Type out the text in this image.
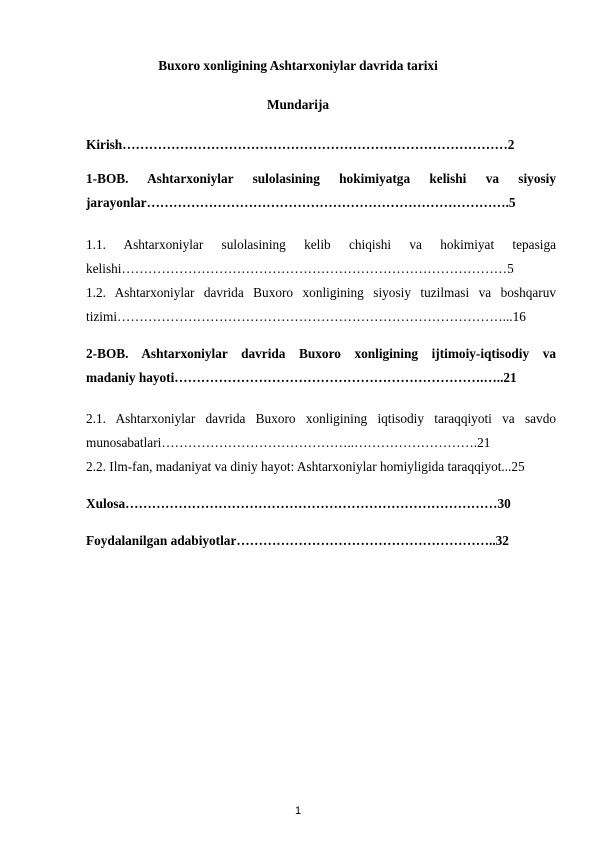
Buxoro xonligining Ashtarxoniylar davrida tarixi
Mundarija
Kirish……………………………………………………………………………2
1-BOB. Ashtarxoniylar sulolasining hokimiyatga kelishi va siyosiy
jarayonlar……………………………………………………………………….5
1.1. Ashtarxoniylar sulolasining kelib chiqishi va hokimiyat tepasiga
kelishi……………………………………………………………………………5
1.2. Ashtarxoniylar davrida Buxoro xonligining siyosiy tuzilmasi va boshqaruv
tizimi……………………………………………………………………………...16
2-BOB. Ashtarxoniylar davrida Buxoro xonligining ijtimoiy-iqtisodiy va
madaniy hayoti…………………………………………………………….…..21
2.1. Ashtarxoniylar davrida Buxoro xonligining iqtisodiy taraqqiyoti va savdo
munosabatlari……………………………………..……………………….21
2.2. Ilm-fan, madaniyat va diniy hayot: Ashtarxoniylar homiyligida taraqqiyot...25
Xulosa…………………………………………………………………………30
Foydalanilgan adabiyotlar…………………………………………………..32
1
